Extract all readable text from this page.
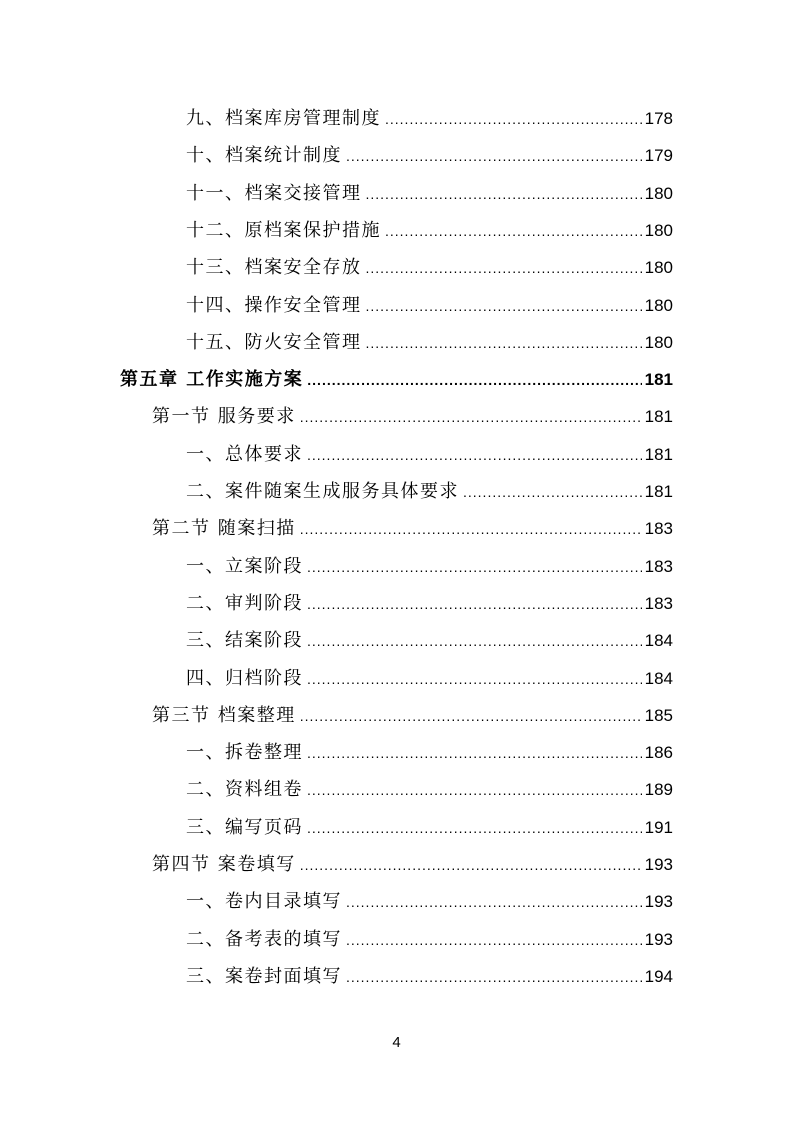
九、档案库房管理制度 .....	178
十、档案统计制度 .....	179
十一、档案交接管理 .....	180
十二、原档案保护措施 .....	180
十三、档案安全存放 .....	180
十四、操作安全管理 .....	180
十五、防火安全管理 .....	180
第五章 工作实施方案 .....	181
第一节 服务要求 .....	181
一、总体要求 .....	181
二、案件随案生成服务具体要求 .....	181
第二节 随案扫描 .....	183
一、立案阶段 .....	183
二、审判阶段 .....	183
三、结案阶段 .....	184
四、归档阶段 .....	184
第三节 档案整理 .....	185
一、拆卷整理 .....	186
二、资料组卷 .....	189
三、编写页码 .....	191
第四节 案卷填写 .....	193
一、卷内目录填写 .....	193
二、备考表的填写 .....	193
三、案卷封面填写 .....	194
4
